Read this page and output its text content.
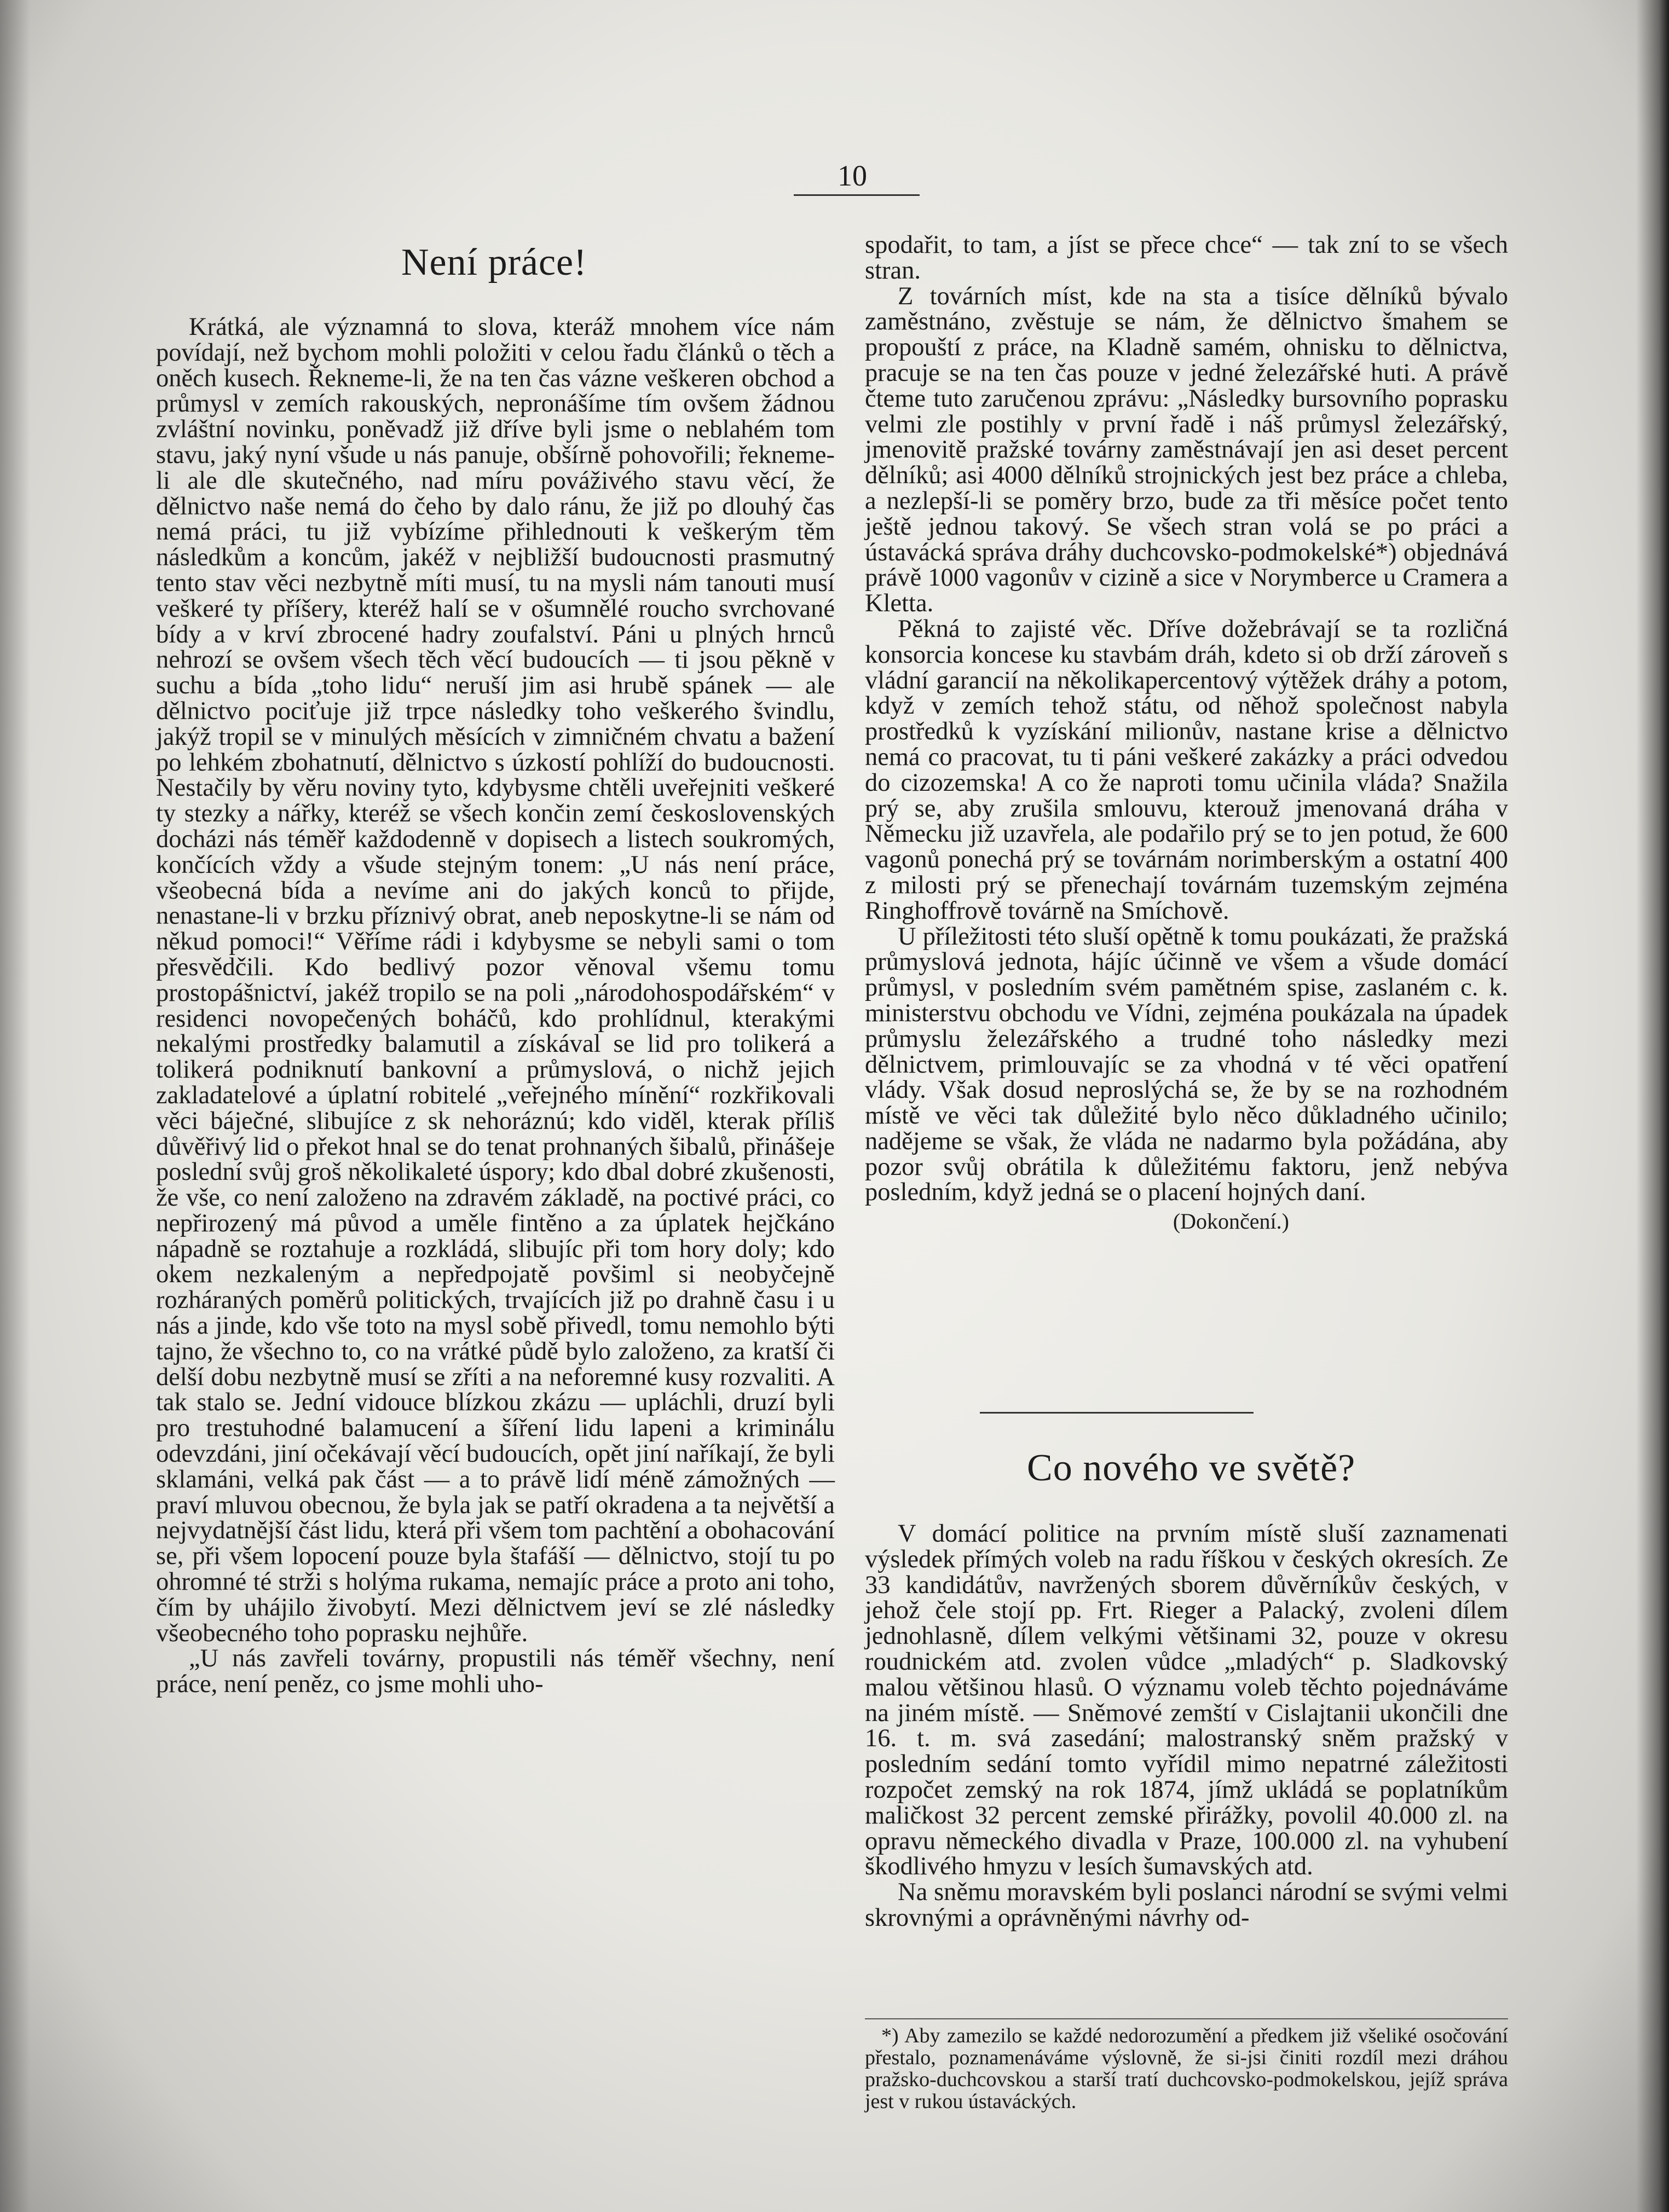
10
Není práce!

Krátká, ale významná to slova, kteráž mnohem více nám povídají, než bychom mohli položiti v celou řadu článků o těch a oněch kusech. Řekneme-li, že na ten čas vázne veškeren obchod a průmysl v zemích rakouských, nepronášíme tím ovšem žádnou zvláštní novinku, poněvadž již dříve byli jsme o neblahém tom stavu, jaký nyní všude u nás panuje, obšírně pohovořili; řekneme-li ale dle skutečného, nad míru pováživého stavu věcí, že dělnictvo naše nemá do čeho by dalo ránu, že již po dlouhý čas nemá práci, tu již vybízíme přihlednouti k veškerým těm následkům a koncům, jakéž v nejbližší budoucnosti prasmutný tento stav věci nezbytně míti musí, tu na mysli nám tanouti musí veškeré ty příšery, kteréž halí se v ošumnělé roucho svrchované bídy a v krví zbrocené hadry zoufalství. Páni u plných hrnců nehrozí se ovšem všech těch věcí budoucích — ti jsou pěkně v suchu a bída „toho lidu“ neruší jim asi hrubě spánek — ale dělnictvo pociťuje již trpce následky toho veškerého švindlu, jakýž tropil se v minulých měsících v zimničném chvatu a bažení po lehkém zbohatnutí, dělnictvo s úzkostí pohlíží do budoucnosti. Nestačily by věru noviny tyto, kdybysme chtěli uveřejniti veškeré ty stezky a nářky, kteréž se všech končin zemí československých docházi nás téměř každodenně v dopisech a listech soukromých, končících vždy a všude stejným tonem: „U nás není práce, všeobecná bída a nevíme ani do jakých konců to přijde, nenastane-li v brzku příznivý obrat, aneb neposkytne-li se nám od někud pomoci!“ Věříme rádi i kdybysme se nebyli sami o tom přesvědčili. Kdo bedlivý pozor věnoval všemu tomu prostopášnictví, jakéž tropilo se na poli „národohospodářském“ v residenci novopečených boháčů, kdo prohlídnul, kterakými nekalými prostředky balamutil a získával se lid pro tolikerá a tolikerá podniknutí bankovní a průmyslová, o nichž jejich zakladatelové a úplatní robitelé „veřejného mínění“ rozkřikovali věci báječné, slibujíce z sk nehoráznú; kdo viděl, kterak příliš důvěřivý lid o překot hnal se do tenat prohnaných šibalů, přinášeje poslední svůj groš několikaleté úspory; kdo dbal dobré zkušenosti, že vše, co není založeno na zdravém základě, na poctivé práci, co nepřirozený má původ a uměle fintěno a za úplatek hejčkáno nápadně se roztahuje a rozkládá, slibujíc při tom hory doly; kdo okem nezkaleným a nepředpojatě povšiml si neobyčejně rozháraných poměrů politických, trvajících již po drahně času i u nás a jinde, kdo vše toto na mysl sobě přivedl, tomu nemohlo býti tajno, že všechno to, co na vrátké půdě bylo založeno, za kratší či delší dobu nezbytně musí se zříti a na neforemné kusy rozvaliti. A tak stalo se. Jední vidouce blízkou zkázu — upláchli, druzí byli pro trestuhodné balamucení a šíření lidu lapeni a kriminálu odevzdáni, jiní očekávají věcí budoucích, opět jiní naříkají, že byli sklamáni, velká pak část — a to právě lidí méně zámožných — praví mluvou obecnou, že byla jak se patří okradena a ta největší a nejvydatnější část lidu, která při všem tom pachtění a obohacování se, při všem lopocení pouze byla štafáší — dělnictvo, stojí tu po ohromné té strži s holýma rukama, nemajíc práce a proto ani toho, čím by uhájilo živobytí. Mezi dělnictvem jeví se zlé následky všeobecného toho poprasku nejhůře.

„U nás zavřeli továrny, propustili nás téměř všechny, není práce, není peněz, co jsme mohli uho-

spodařit, to tam, a jíst se přece chce“ — tak zní to se všech stran.

Z továrních míst, kde na sta a tisíce dělníků bývalo zaměstnáno, zvěstuje se nám, že dělnictvo šmahem se propouští z práce, na Kladně samém, ohnisku to dělnictva, pracuje se na ten čas pouze v jedné železářské huti. A právě čteme tuto zaručenou zprávu: „Následky bursovního poprasku velmi zle postihly v první řadě i náš průmysl železářský, jmenovitě pražské továrny zaměstnávají jen asi deset percent dělníků; asi 4000 dělníků strojnických jest bez práce a chleba, a nezlepší-li se poměry brzo, bude za tři měsíce počet tento ještě jednou takový. Se všech stran volá se po práci a ústavácká správa dráhy duchcovsko-podmokelské*) objednává právě 1000 vagonův v cizině a sice v Norymberce u Cramera a Kletta.

Pěkná to zajisté věc. Dříve dožebrávají se ta rozličná konsorcia koncese ku stavbám dráh, kdeto si ob drží zároveň s vládní garancií na několikapercentový výtěžek dráhy a potom, když v zemích tehož státu, od něhož společnost nabyla prostředků k vyzískání milionův, nastane krise a dělnictvo nemá co pracovat, tu ti páni veškeré zakázky a práci odvedou do cizozemska! A co že naproti tomu učinila vláda? Snažila prý se, aby zrušila smlouvu, kterouž jmenovaná dráha v Německu již uzavřela, ale podařilo prý se to jen potud, že 600 vagonů ponechá prý se továrnám norimberským a ostatní 400 z milosti prý se přenechají továrnám tuzemským zejména Ringhoffrově továrně na Smíchově.

U příležitosti této sluší opětně k tomu poukázati, že pražská průmyslová jednota, hájíc účinně ve všem a všude domácí průmysl, v posledním svém pamětném spise, zaslaném c. k. ministerstvu obchodu ve Vídni, zejména poukázala na úpadek průmyslu železářského a trudné toho následky mezi dělnictvem, primlouvajíc se za vhodná v té věci opatření vlády. Však dosud neproslýchá se, že by se na rozhodném místě ve věci tak důležité bylo něco důkladného učinilo; nadějeme se však, že vláda ne nadarmo byla požádána, aby pozor svůj obrátila k důležitému faktoru, jenž nebýva posledním, když jedná se o placení hojných daní.

(Dokončení.)
Co nového ve světě?

V domácí politice na prvním místě sluší zaznamenati výsledek přímých voleb na radu říškou v českých okresích. Ze 33 kandidátův, navržených sborem důvěrníkův českých, v jehož čele stojí pp. Frt. Rieger a Palacký, zvoleni dílem jednohlasně, dílem velkými většinami 32, pouze v okresu roudnickém atd. zvolen vůdce „mladých“ p. Sladkovský malou většinou hlasů. O významu voleb těchto pojednáváme na jiném místě. — Sněmové zemští v Cislajtanii ukončili dne 16. t. m. svá zasedání; malostranský sněm pražský v posledním sedání tomto vyřídil mimo nepatrné záležitosti rozpočet zemský na rok 1874, jímž ukládá se poplatníkům maličkost 32 percent zemské přirážky, povolil 40.000 zl. na opravu německého divadla v Praze, 100.000 zl. na vyhubení škodlivého hmyzu v lesích šumavských atd.

Na sněmu moravském byli poslanci národní se svými velmi skrovnými a oprávněnými návrhy od-

*) Aby zamezilo se každé nedorozumění a předkem již všeliké osočování přestalo, poznamenáváme výslovně, že si-jsi činiti rozdíl mezi dráhou pražsko-duchcovskou a starší tratí duchcovsko-podmokelskou, jejíž správa jest v rukou ústaváckých.
